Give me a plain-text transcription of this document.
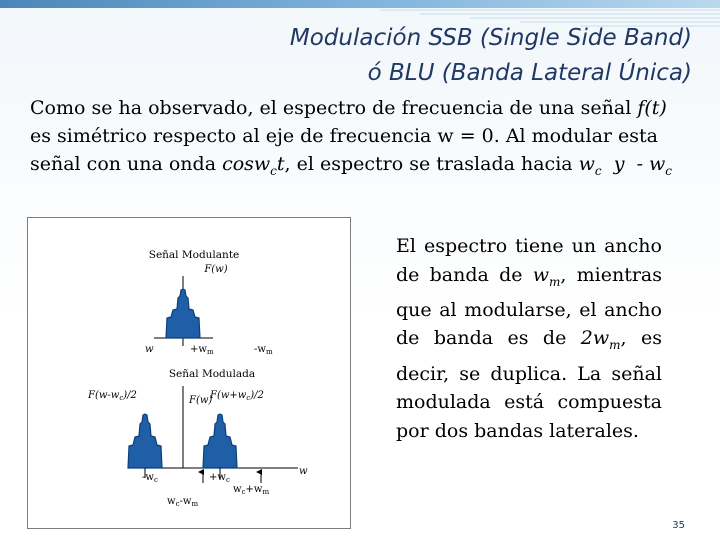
Modulación SSB (Single Side Band)
ó BLU (Banda Lateral Única)
Como se ha observado, el espectro de frecuencia de una señal f(t) es simétrico respecto al eje de frecuencia w = 0. Al modular esta señal con una onda cosw$_c$t, el espectro se traslada hacia $w_c$ y - $w_c$
Señal Modulante
F(w)
w	$+w_m$	$-w_m$
Señal Modulada
$F(w-w_c)/2$	F(w)
$F(w+w_c)/2$
$-w_c$	$+w_c$
w
$w_c-w_m$
$w_c+w_m$
El espectro tiene un ancho de banda de $w_m$, mientras que al modularse, el ancho de banda es de $2w_m$, es decir, se duplica. La señal modulada está compuesta por dos bandas laterales.
35
